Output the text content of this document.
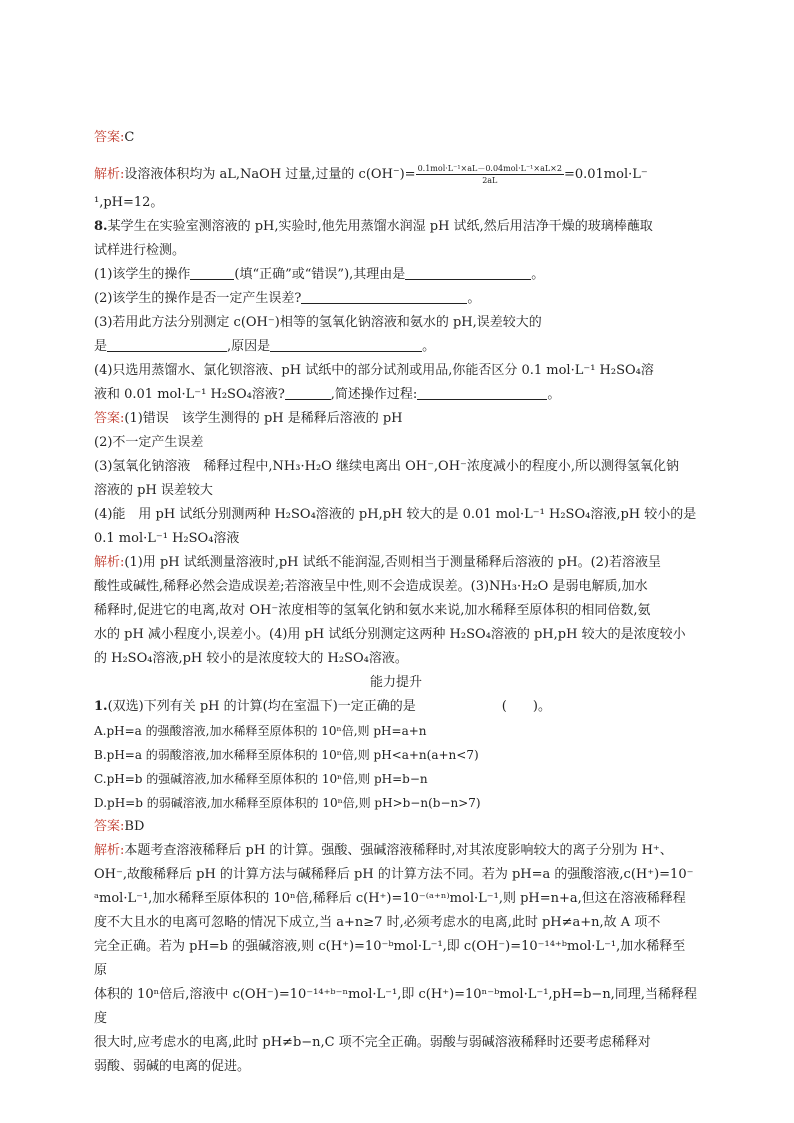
答案:C

解析:设溶液体积均为 aL,NaOH 过量,过量的 $c(OH^-)= \frac{\text{0.1mol·L⁻¹×aL－0.04mol·L⁻¹×aL×2}}{2aL} =0.01mol\cdot L^-$

¹,pH=12。

8.某学生在实验室测溶液的 pH,实验时,他先用蒸馏水润湿 pH 试纸,然后用洁净干燥的玻璃棒蘸取

试样进行检测。

(1)该学生的操作	(填“正确”或“错误”),其理由是	。

(2)该学生的操作是否一定产生误差?	。

(3)若用此方法分别测定 c(OH⁻)相等的氢氧化钠溶液和氨水的 pH,误差较大的

是	,原因是	。

(4)只选用蒸馏水、氯化钡溶液、pH 试纸中的部分试剂或用品,你能否区分 0.1 mol·L⁻¹ H₂SO₄溶

液和 0.01 mol·L⁻¹ H₂SO₄溶液?	,简述操作过程:	。

答案:(1)错误　该学生测得的 pH 是稀释后溶液的 pH

(2)不一定产生误差

(3)氢氧化钠溶液　稀释过程中,NH₃·H₂O 继续电离出 OH⁻,OH⁻浓度减小的程度小,所以测得氢氧化钠

溶液的 pH 误差较大

(4)能　用 pH 试纸分别测两种 H₂SO₄溶液的 pH,pH 较大的是 0.01 mol·L⁻¹ H₂SO₄溶液,pH 较小的是

0.1 mol·L⁻¹ H₂SO₄溶液

解析:(1)用 pH 试纸测量溶液时,pH 试纸不能润湿,否则相当于测量稀释后溶液的 pH。(2)若溶液呈

酸性或碱性,稀释必然会造成误差;若溶液呈中性,则不会造成误差。(3)NH₃·H₂O 是弱电解质,加水

稀释时,促进它的电离,故对 OH⁻浓度相等的氢氧化钠和氨水来说,加水稀释至原体积的相同倍数,氨

水的 pH 减小程度小,误差小。(4)用 pH 试纸分别测定这两种 H₂SO₄溶液的 pH,pH 较大的是浓度较小

的 H₂SO₄溶液,pH 较小的是浓度较大的 H₂SO₄溶液。

能力提升

1.(双选)下列有关 pH 的计算(均在室温下)一定正确的是	(　　)。

A.pH=a 的强酸溶液,加水稀释至原体积的 10ⁿ倍,则 pH=a+n

B.pH=a 的弱酸溶液,加水稀释至原体积的 10ⁿ倍,则 pH<a+n(a+n<7)

C.pH=b 的强碱溶液,加水稀释至原体积的 10ⁿ倍,则 pH=b−n

D.pH=b 的弱碱溶液,加水稀释至原体积的 10ⁿ倍,则 pH>b−n(b−n>7)

答案:BD

解析:本题考查溶液稀释后 pH 的计算。强酸、强碱溶液稀释时,对其浓度影响较大的离子分别为 H⁺、

OH⁻,故酸稀释后 pH 的计算方法与碱稀释后 pH 的计算方法不同。若为 pH=a 的强酸溶液,c(H⁺)=10⁻

ᵃmol·L⁻¹,加水稀释至原体积的 10ⁿ倍,稀释后 c(H⁺)=10⁻⁽ᵃ⁺ⁿ⁾mol·L⁻¹,则 pH=n+a,但这在溶液稀释程

度不大且水的电离可忽略的情况下成立,当 a+n≥7 时,必须考虑水的电离,此时 pH≠a+n,故 A 项不

完全正确。若为 pH=b 的强碱溶液,则 c(H⁺)=10⁻ᵇmol·L⁻¹,即 c(OH⁻)=10⁻¹⁴⁺ᵇmol·L⁻¹,加水稀释至原

体积的 10ⁿ倍后,溶液中 c(OH⁻)=10⁻¹⁴⁺ᵇ⁻ⁿmol·L⁻¹,即 c(H⁺)=10ⁿ⁻ᵇmol·L⁻¹,pH=b−n,同理,当稀释程度

很大时,应考虑水的电离,此时 pH≠b−n,C 项不完全正确。弱酸与弱碱溶液稀释时还要考虑稀释对

弱酸、弱碱的电离的促进。
